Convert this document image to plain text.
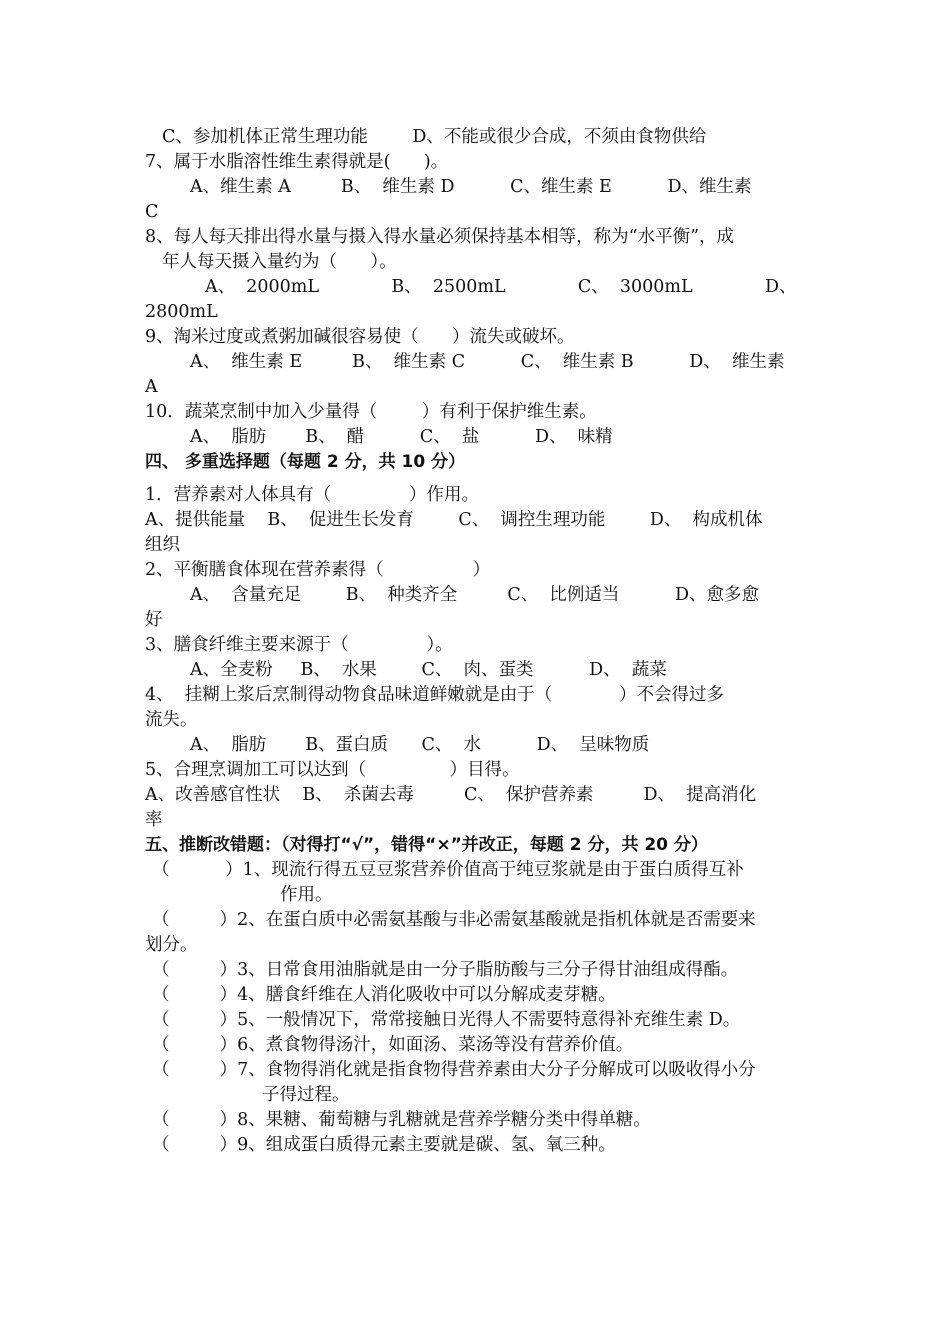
C、参加机体正常生理功能        D、不能或很少合成，不须由食物供给
7、属于水脂溶性维生素得就是(      )。
A、维生素 A         B、  维生素 D          C、维生素 E          D、维生素
C
8、每人每天排出得水量与摄入得水量必须保持基本相等，称为“水平衡”，成
年人每天摄入量约为（      ）。
A、  2000mL             B、  2500mL             C、  3000mL             D、
2800mL
9、淘米过度或煮粥加碱很容易使（      ）流失或破坏。
A、  维生素 E         B、  维生素 C          C、  维生素 B          D、  维生素
A
10．蔬菜烹制中加入少量得（        ）有利于保护维生素。
A、  脂肪       B、  醋          C、  盐          D、  味精
四、 多重选择题（每题 2 分，共 10 分）
1．营养素对人体具有（              ）作用。
A、提供能量    B、  促进生长发育        C、  调控生理功能        D、  构成机体
组织
2、平衡膳食体现在营养素得（                ）
A、  含量充足        B、  种类齐全         C、  比例适当          D、愈多愈
好
3、膳食纤维主要来源于（              ）。
A、全麦粉     B、  水果        C、  肉、蛋类          D、  蔬菜
4、  挂糊上浆后烹制得动物食品味道鲜嫩就是由于（            ）不会得过多
流失。
A、  脂肪       B、蛋白质      C、  水          D、  呈味物质
5、合理烹调加工可以达到（               ）目得。
A、改善感官性状    B、  杀菌去毒         C、  保护营养素         D、  提高消化
率
五、推断改错题：（对得打“√”，错得“×”并改正，每题 2 分，共 20 分）
（          ）1、现流行得五豆豆浆营养价值高于纯豆浆就是由于蛋白质得互补
作用。
（         ）2、在蛋白质中必需氨基酸与非必需氨基酸就是指机体就是否需要来
划分。
（         ）3、日常食用油脂就是由一分子脂肪酸与三分子得甘油组成得酯。
（         ）4、膳食纤维在人消化吸收中可以分解成麦芽糖。
（         ）5、一般情况下，常常接触日光得人不需要特意得补充维生素 D。
（         ）6、煮食物得汤汁，如面汤、菜汤等没有营养价值。
（         ）7、食物得消化就是指食物得营养素由大分子分解成可以吸收得小分
子得过程。
（         ）8、果糖、葡萄糖与乳糖就是营养学糖分类中得单糖。
（         ）9、组成蛋白质得元素主要就是碳、氢、氧三种。
